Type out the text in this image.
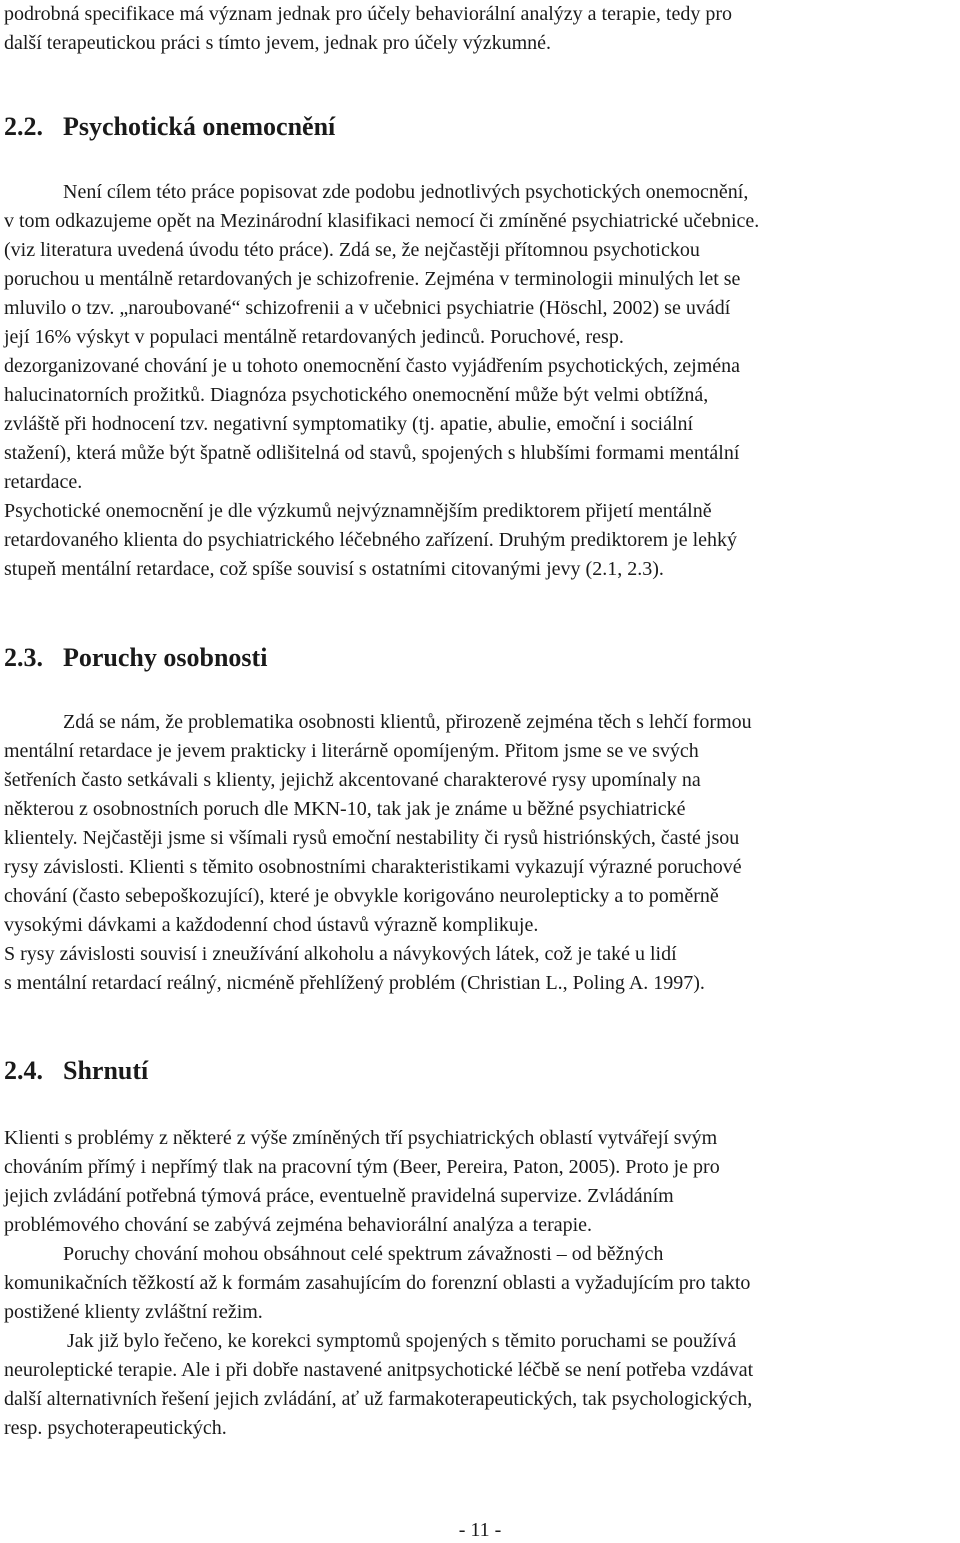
podrobná specifikace má význam jednak pro účely behaviorální analýzy a terapie, tedy pro

další terapeutickou práci s tímto jevem, jednak pro účely výzkumné.

2.2. Psychotická onemocnění

Není cílem této práce popisovat zde podobu jednotlivých psychotických onemocnění,

v tom odkazujeme opět na Mezinárodní klasifikaci nemocí či zmíněné psychiatrické učebnice.

(viz literatura uvedená úvodu této práce). Zdá se, že nejčastěji přítomnou psychotickou

poruchou u mentálně retardovaných je schizofrenie. Zejména v terminologii minulých let se

mluvilo o tzv. „naroubované“ schizofrenii a v učebnici psychiatrie (Höschl, 2002) se uvádí

její 16% výskyt v populaci mentálně retardovaných jedinců. Poruchové, resp.

dezorganizované chování je u tohoto onemocnění často vyjádřením psychotických, zejména

halucinatorních prožitků. Diagnóza psychotického onemocnění může být velmi obtížná,

zvláště při hodnocení tzv. negativní symptomatiky (tj. apatie, abulie, emoční i sociální

stažení), která může být špatně odlišitelná od stavů, spojených s hlubšími formami mentální

retardace.

Psychotické onemocnění je dle výzkumů nejvýznamnějším prediktorem přijetí mentálně

retardovaného klienta do psychiatrického léčebného zařízení. Druhým prediktorem je lehký

stupeň mentální retardace, což spíše souvisí s ostatními citovanými jevy (2.1, 2.3).

2.3. Poruchy osobnosti

Zdá se nám, že problematika osobnosti klientů, přirozeně zejména těch s lehčí formou

mentální retardace je jevem prakticky i literárně opomíjeným. Přitom jsme se ve svých

šetřeních často setkávali s klienty, jejichž akcentované charakterové rysy upomínaly na

některou z osobnostních poruch dle MKN-10, tak jak je známe u běžné psychiatrické

klientely. Nejčastěji jsme si všímali rysů emoční nestability či rysů histriónských, časté jsou

rysy závislosti. Klienti s těmito osobnostními charakteristikami vykazují výrazné poruchové

chování (často sebepoškozující), které je obvykle korigováno neurolepticky a to poměrně

vysokými dávkami a každodenní chod ústavů výrazně komplikuje.

S rysy závislosti souvisí i zneužívání alkoholu a návykových látek, což je také u lidí

s mentální retardací reálný, nicméně přehlížený problém (Christian L., Poling A. 1997).

2.4. Shrnutí

Klienti s problémy z některé z výše zmíněných tří psychiatrických oblastí vytvářejí svým

chováním přímý i nepřímý tlak na pracovní tým (Beer, Pereira, Paton, 2005). Proto je pro

jejich zvládání potřebná týmová práce, eventuelně pravidelná supervize. Zvládáním

problémového chování se zabývá zejména behaviorální analýza a terapie.

Poruchy chování mohou obsáhnout celé spektrum závažnosti – od běžných

komunikačních těžkostí až k formám zasahujícím do forenzní oblasti a vyžadujícím pro takto

postižené klienty zvláštní režim.

Jak již bylo řečeno, ke korekci symptomů spojených s těmito poruchami se používá

neuroleptické terapie. Ale i při dobře nastavené anitpsychotické léčbě se není potřeba vzdávat

další alternativních řešení jejich zvládání, ať už farmakoterapeutických, tak psychologických,

resp. psychoterapeutických.

- 11 -
